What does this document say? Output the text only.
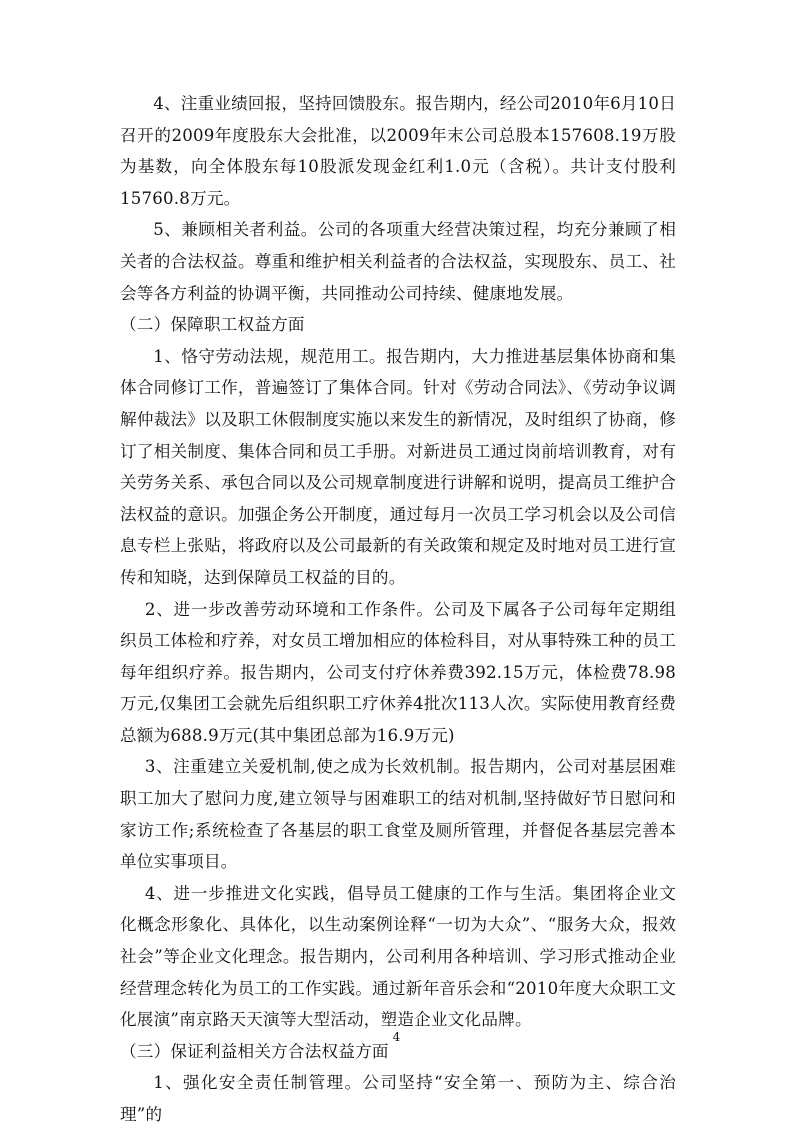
4、注重业绩回报，坚持回馈股东。报告期内，经公司2010年6月10日召开的2009年度股东大会批准，以2009年末公司总股本157608.19万股为基数，向全体股东每10股派发现金红利1.0元（含税）。共计支付股利15760.8万元。

5、兼顾相关者利益。公司的各项重大经营决策过程，均充分兼顾了相关者的合法权益。尊重和维护相关利益者的合法权益，实现股东、员工、社会等各方利益的协调平衡，共同推动公司持续、健康地发展。

（二）保障职工权益方面

1、恪守劳动法规，规范用工。报告期内，大力推进基层集体协商和集体合同修订工作，普遍签订了集体合同。针对《劳动合同法》、《劳动争议调解仲裁法》以及职工休假制度实施以来发生的新情况，及时组织了协商，修订了相关制度、集体合同和员工手册。对新进员工通过岗前培训教育，对有关劳务关系、承包合同以及公司规章制度进行讲解和说明，提高员工维护合法权益的意识。加强企务公开制度，通过每月一次员工学习机会以及公司信息专栏上张贴，将政府以及公司最新的有关政策和规定及时地对员工进行宣传和知晓，达到保障员工权益的目的。

2、进一步改善劳动环境和工作条件。公司及下属各子公司每年定期组织员工体检和疗养，对女员工增加相应的体检科目，对从事特殊工种的员工每年组织疗养。报告期内，公司支付疗休养费392.15万元，体检费78.98万元,仅集团工会就先后组织职工疗休养4批次113人次。实际使用教育经费总额为688.9万元(其中集团总部为16.9万元)

3、注重建立关爱机制,使之成为长效机制。报告期内，公司对基层困难职工加大了慰问力度,建立领导与困难职工的结对机制,坚持做好节日慰问和家访工作;系统检查了各基层的职工食堂及厕所管理，并督促各基层完善本单位实事项目。

4、进一步推进文化实践，倡导员工健康的工作与生活。集团将企业文化概念形象化、具体化，以生动案例诠释“一切为大众”、“服务大众，报效社会”等企业文化理念。报告期内，公司利用各种培训、学习形式推动企业经营理念转化为员工的工作实践。通过新年音乐会和“2010年度大众职工文化展演”南京路天天演等大型活动，塑造企业文化品牌。

（三）保证利益相关方合法权益方面

1、强化安全责任制管理。公司坚持“安全第一、预防为主、综合治理”的

4
